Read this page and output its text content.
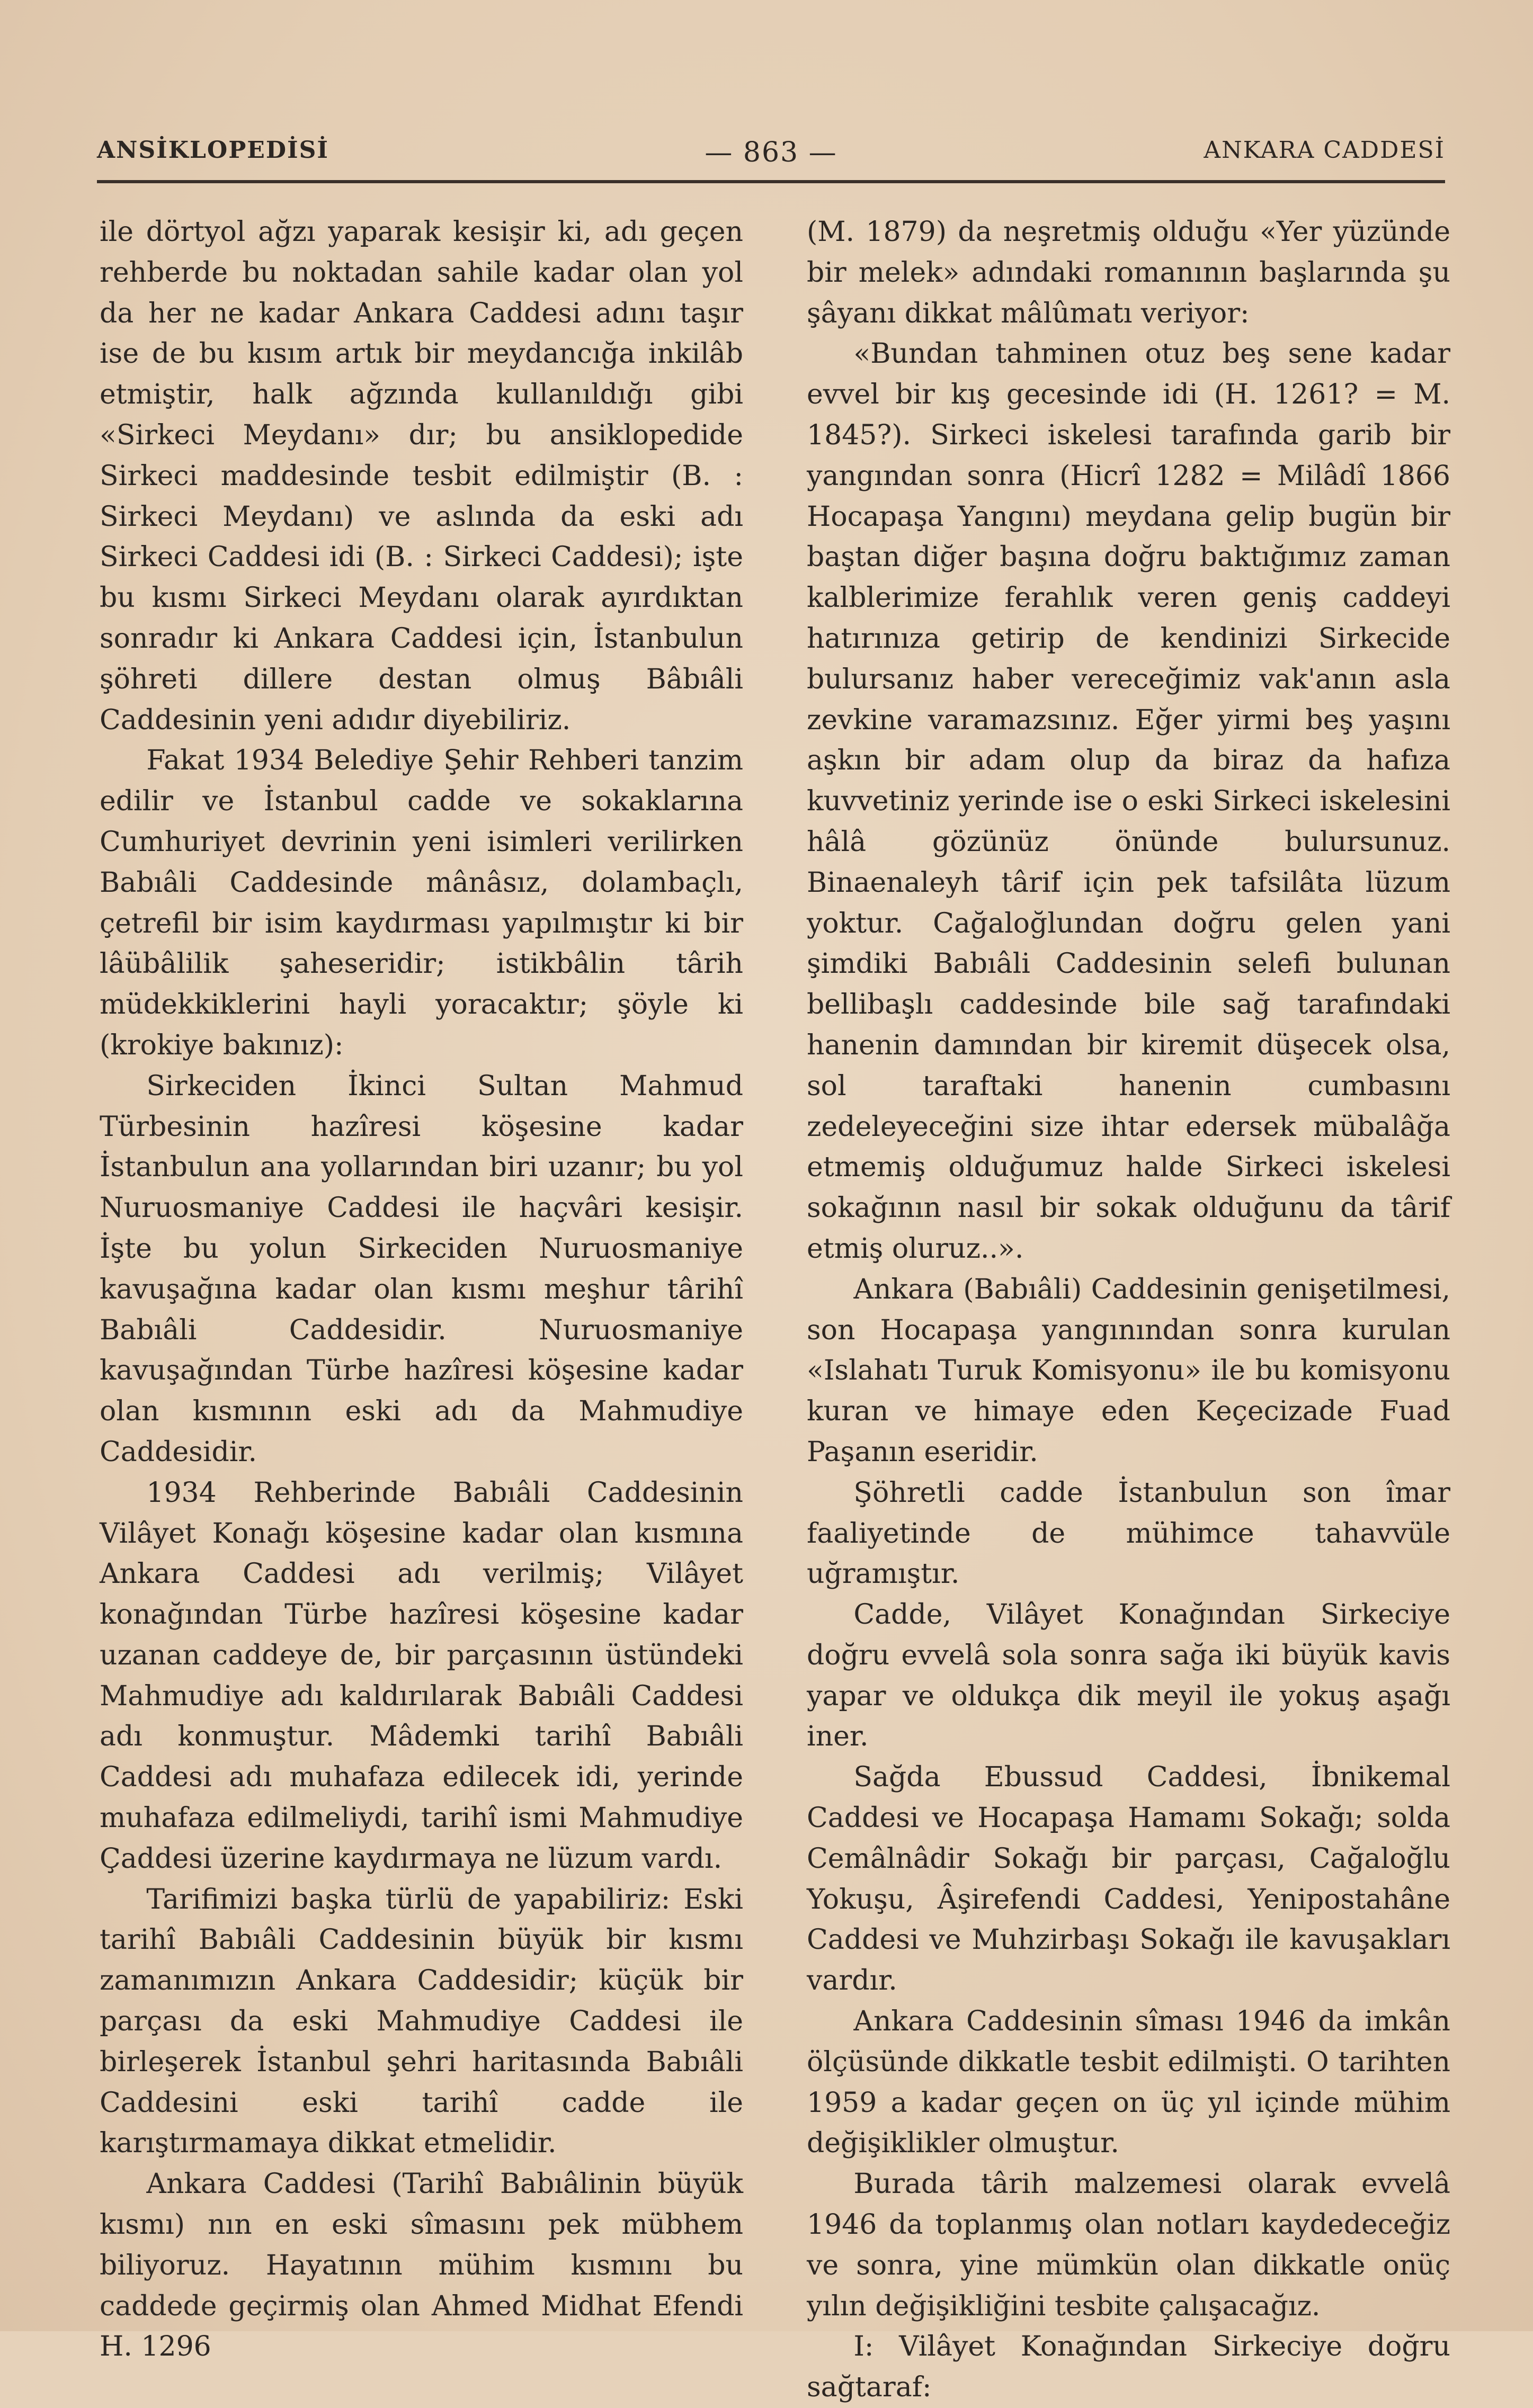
ANSİKLOPEDİSİ	— 863 —	ANKARA CADDESİ

ile dörtyol ağzı yaparak kesişir ki, adı geçen rehberde bu noktadan sahile kadar olan yol da her ne kadar Ankara Caddesi adını taşır ise de bu kısım artık bir meydancığa inkilâb etmiştir, halk ağzında kullanıldığı gibi «Sirkeci Meydanı» dır; bu ansiklopedide Sirkeci maddesinde tesbit edilmiştir (B. : Sirkeci Meydanı) ve aslında da eski adı Sirkeci Caddesi idi (B. : Sirkeci Caddesi); işte bu kısmı Sirkeci Meydanı olarak ayırdıktan sonradır ki Ankara Caddesi için, İstanbulun şöhreti dillere destan olmuş Bâbıâli Caddesinin yeni adıdır diyebiliriz.

Fakat 1934 Belediye Şehir Rehberi tanzim edilir ve İstanbul cadde ve sokaklarına Cumhuriyet devrinin yeni isimleri verilirken Babıâli Caddesinde mânâsız, dolambaçlı, çetrefil bir isim kaydırması yapılmıştır ki bir lâübâlilik şaheseridir; istikbâlin târih müdekkiklerini hayli yoracaktır; şöyle ki (krokiye bakınız):

Sirkeciden İkinci Sultan Mahmud Türbesinin hazîresi köşesine kadar İstanbulun ana yollarından biri uzanır; bu yol Nuruosmaniye Caddesi ile haçvâri kesişir. İşte bu yolun Sirkeciden Nuruosmaniye kavuşağına kadar olan kısmı meşhur târihî Babıâli Caddesidir. Nuruosmaniye kavuşağından Türbe hazîresi köşesine kadar olan kısmının eski adı da Mahmudiye Caddesidir.

1934 Rehberinde Babıâli Caddesinin Vilâyet Konağı köşesine kadar olan kısmına Ankara Caddesi adı verilmiş; Vilâyet konağından Türbe hazîresi köşesine kadar uzanan caddeye de, bir parçasının üstündeki Mahmudiye adı kaldırılarak Babıâli Caddesi adı konmuştur. Mâdemki tarihî Babıâli Caddesi adı muhafaza edilecek idi, yerinde muhafaza edilmeliydi, tarihî ismi Mahmudiye Çaddesi üzerine kaydırmaya ne lüzum vardı.

Tarifimizi başka türlü de yapabiliriz: Eski tarihî Babıâli Caddesinin büyük bir kısmı zamanımızın Ankara Caddesidir; küçük bir parçası da eski Mahmudiye Caddesi ile birleşerek İstanbul şehri haritasında Babıâli Caddesini eski tarihî cadde ile karıştırmamaya dikkat etmelidir.

Ankara Caddesi (Tarihî Babıâlinin büyük kısmı) nın en eski sîmasını pek mübhem biliyoruz. Hayatının mühim kısmını bu caddede geçirmiş olan Ahmed Midhat Efendi H. 1296

(M. 1879) da neşretmiş olduğu «Yer yüzünde bir melek» adındaki romanının başlarında şu şâyanı dikkat mâlûmatı veriyor:

«Bundan tahminen otuz beş sene kadar evvel bir kış gecesinde idi (H. 1261? = M. 1845?). Sirkeci iskelesi tarafında garib bir yangından sonra (Hicrî 1282 = Milâdî 1866 Hocapaşa Yangını) meydana gelip bugün bir baştan diğer başına doğru baktığımız zaman kalblerimize ferahlık veren geniş caddeyi hatırınıza getirip de kendinizi Sirkecide bulursanız haber vereceğimiz vak'anın asla zevkine varamazsınız. Eğer yirmi beş yaşını aşkın bir adam olup da biraz da hafıza kuvvetiniz yerinde ise o eski Sirkeci iskelesini hâlâ gözünüz önünde bulursunuz. Binaenaleyh târif için pek tafsilâta lüzum yoktur. Cağaloğlundan doğru gelen yani şimdiki Babıâli Caddesinin selefi bulunan bellibaşlı caddesinde bile sağ tarafındaki hanenin damından bir kiremit düşecek olsa, sol taraftaki hanenin cumbasını zedeleyeceğini size ihtar edersek mübalâğa etmemiş olduğumuz halde Sirkeci iskelesi sokağının nasıl bir sokak olduğunu da târif etmiş oluruz..».

Ankara (Babıâli) Caddesinin genişetilmesi, son Hocapaşa yangınından sonra kurulan «Islahatı Turuk Komisyonu» ile bu komisyonu kuran ve himaye eden Keçecizade Fuad Paşanın eseridir.

Şöhretli cadde İstanbulun son îmar faaliyetinde de mühimce tahavvüle uğramıştır.

Cadde, Vilâyet Konağından Sirkeciye doğru evvelâ sola sonra sağa iki büyük kavis yapar ve oldukça dik meyil ile yokuş aşağı iner.

Sağda Ebussud Caddesi, İbnikemal Caddesi ve Hocapaşa Hamamı Sokağı; solda Cemâlnâdir Sokağı bir parçası, Cağaloğlu Yokuşu, Âşirefendi Caddesi, Yenipostahâne Caddesi ve Muhzirbaşı Sokağı ile kavuşakları vardır.

Ankara Caddesinin sîması 1946 da imkân ölçüsünde dikkatle tesbit edilmişti. O tarihten 1959 a kadar geçen on üç yıl içinde mühim değişiklikler olmuştur.

Burada târih malzemesi olarak evvelâ 1946 da toplanmış olan notları kaydedeceğiz ve sonra, yine mümkün olan dikkatle onüç yılın değişikliğini tesbite çalışacağız.

I: Vilâyet Konağından Sirkeciye doğru sağtaraf:
